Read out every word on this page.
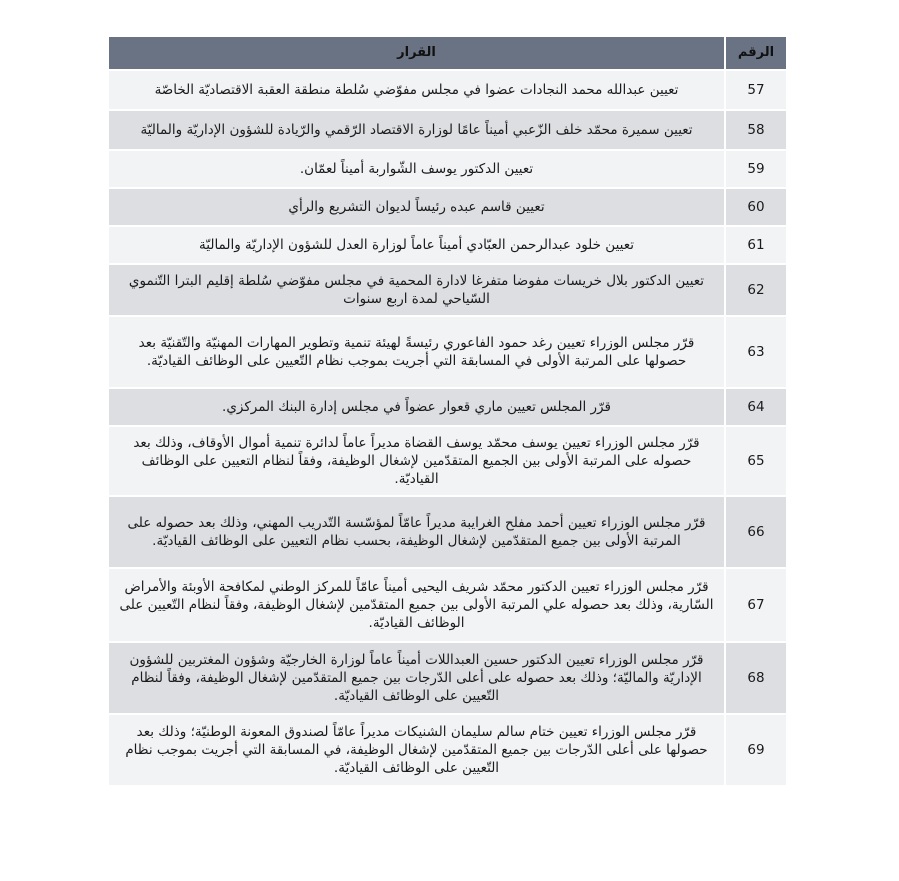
الرقم	القرار
57	تعيين عبدالله محمد النجادات عضوا في مجلس مفوّضي سُلطة منطقة العقبة الاقتصاديّة الخاصّة
58	تعيين سميرة محمّد خلف الزّعبي أميناً عامًا لوزارة الاقتصاد الرّقمي والرّيادة للشؤون الإداريّة والماليّة
59	تعيين الدكتور يوسف الشّواربة أميناً لعمّان.
60	تعيين قاسم عبده رئيساً لديوان التشريع والرأي
61	تعيين خلود عبدالرحمن العبّادي أميناً عاماً لوزارة العدل للشؤون الإداريّة والماليّة
62	تعيين الدكتور بلال خريسات مفوضا متفرغا لادارة المحمية في مجلس مفوّضي سُلطة إقليم البترا التّنموي السّياحي لمدة اربع سنوات
63	قرّر مجلس الوزراء تعيين رغد حمود الفاعوري رئيسةً لهيئة تنمية وتطوير المهارات المهنيّة والتّقنيّة بعد حصولها على المرتبة الأولى في المسابقة التي أجريت بموجب نظام التّعيين على الوظائف القياديّة.
64	قرّر المجلس تعيين ماري قعوار عضواً في مجلس إدارة البنك المركزي.
65	قرّر مجلس الوزراء تعيين يوسف محمّد يوسف القضاة مديراً عاماً لدائرة تنمية أموال الأوقاف، وذلك بعد حصوله على المرتبة الأولى بين الجميع المتقدّمين لإشغال الوظيفة، وفقاً لنظام التعيين على الوظائف القياديّة.
66	قرّر مجلس الوزراء تعيين أحمد مفلح الغرايبة مديراً عامّاً لمؤسّسة التّدريب المهني، وذلك بعد حصوله على المرتبة الأولى بين جميع المتقدّمين لإشغال الوظيفة، بحسب نظام التعيين على الوظائف القياديّة.
67	قرّر مجلس الوزراء تعيين الدكتور محمّد شريف اليحيى أميناً عامّاً للمركز الوطني لمكافحة الأوبئة والأمراض السّارية، وذلك بعد حصوله علي المرتبة الأولى بين جميع المتقدّمين لإشغال الوظيفة، وفقاً لنظام التّعيين على الوظائف القياديّة.
68	قرّر مجلس الوزراء تعيين الدكتور حسين العبداللات أميناً عاماً لوزارة الخارجيّة وشؤون المغتربين للشؤون الإداريّة والماليّة؛ وذلك بعد حصوله على أعلى الدّرجات بين جميع المتقدّمين لإشغال الوظيفة، وفقاً لنظام التّعيين على الوظائف القياديّة.
69	قرّر مجلس الوزراء تعيين ختام سالم سليمان الشنيكات مديراً عامّاً لصندوق المعونة الوطنيّة؛ وذلك بعد حصولها على أعلى الدّرجات بين جميع المتقدّمين لإشغال الوظيفة، في المسابقة التي أجريت بموجب نظام التّعيين على الوظائف القياديّة.
